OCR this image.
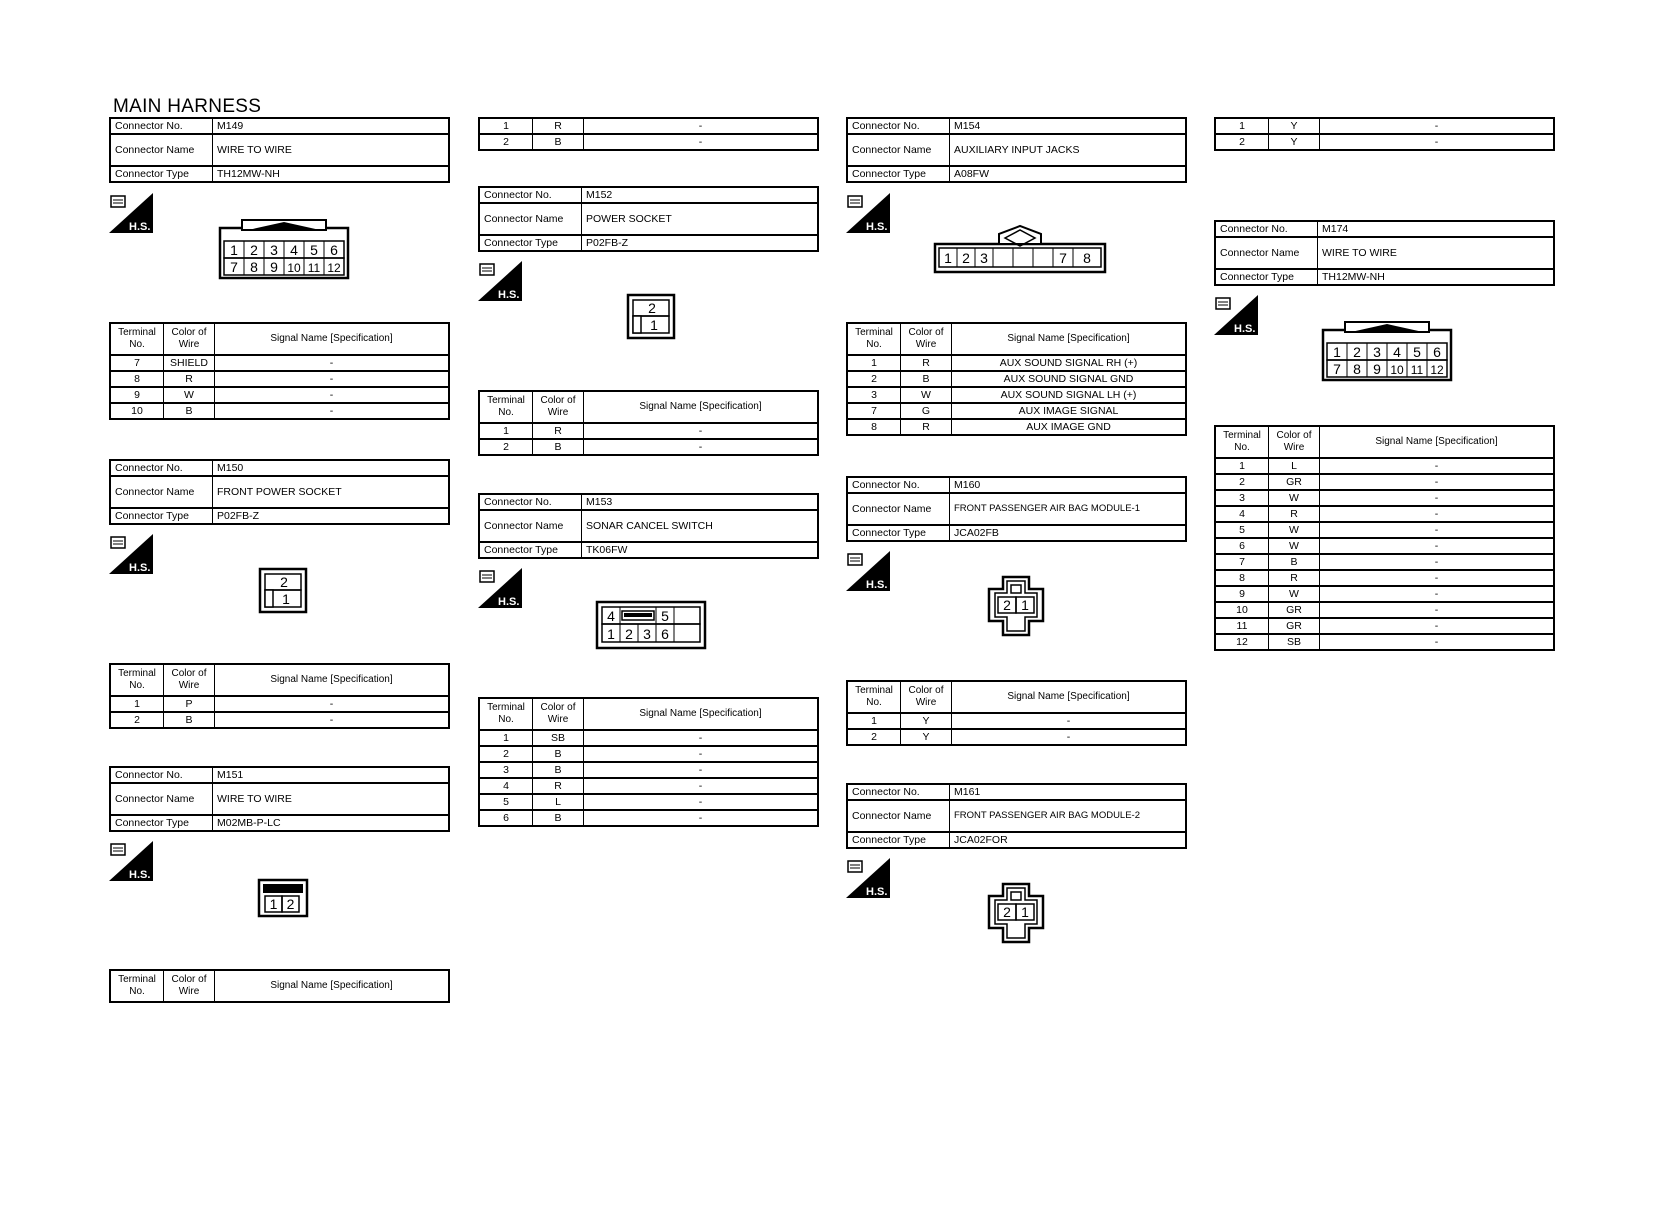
MAIN HARNESS
Connector No.	M149
Connector Name	WIRE TO WIRE
Connector Type	TH12MW-NH
Connector No.	M150
Connector Name	FRONT POWER SOCKET
Connector Type	P02FB-Z
Connector No.	M151
Connector Name	WIRE TO WIRE
Connector Type	M02MB-P-LC
Connector No.	M152
Connector Name	POWER SOCKET
Connector Type	P02FB-Z
Connector No.	M153
Connector Name	SONAR CANCEL SWITCH
Connector Type	TK06FW
Connector No.	M154
Connector Name	AUXILIARY INPUT JACKS
Connector Type	A08FW
Connector No.	M160
Connector Name	FRONT PASSENGER AIR BAG MODULE-1
Connector Type	JCA02FB
Connector No.	M161
Connector Name	FRONT PASSENGER AIR BAG MODULE-2
Connector Type	JCA02FOR
Connector No.	M174
Connector Name	WIRE TO WIRE
Connector Type	TH12MW-NH
Terminal No.	Color of Wire	Signal Name [Specification]
7	SHIELD	-
8	R	-
9	W	-
10	B	-
Terminal No.	Color of Wire	Signal Name [Specification]
1	P	-
2	B	-
Terminal No.	Color of Wire	Signal Name [Specification]
1	R	-
2	B	-
Terminal No.	Color of Wire	Signal Name [Specification]
1	R	-
2	B	-
Terminal No.	Color of Wire	Signal Name [Specification]
1	SB	-
2	B	-
3	B	-
4	R	-
5	L	-
6	B	-
Terminal No.	Color of Wire	Signal Name [Specification]
1	R	AUX SOUND SIGNAL RH (+)
2	B	AUX SOUND SIGNAL GND
3	W	AUX SOUND SIGNAL LH (+)
7	G	AUX IMAGE SIGNAL
8	R	AUX IMAGE GND
Terminal No.	Color of Wire	Signal Name [Specification]
1	Y	-
2	Y	-
1	Y	-
2	Y	-
Terminal No.	Color of Wire	Signal Name [Specification]
1	L	-
2	GR	-
3	W	-
4	R	-
5	W	-
6	W	-
7	B	-
8	R	-
9	W	-
10	GR	-
11	GR	-
12	SB	-
H.S.
H.S.
H.S.
H.S.
H.S.
H.S.
H.S.
H.S.
H.S.
1 2 3 4 5 6
7 8 9 10 11 12
2
1
1 2
2
1
4	5
1 2 3 6
1 2 3	7 8
2 1
2 1
1 2 3 4 5 6
7 8 9 10 11 12
